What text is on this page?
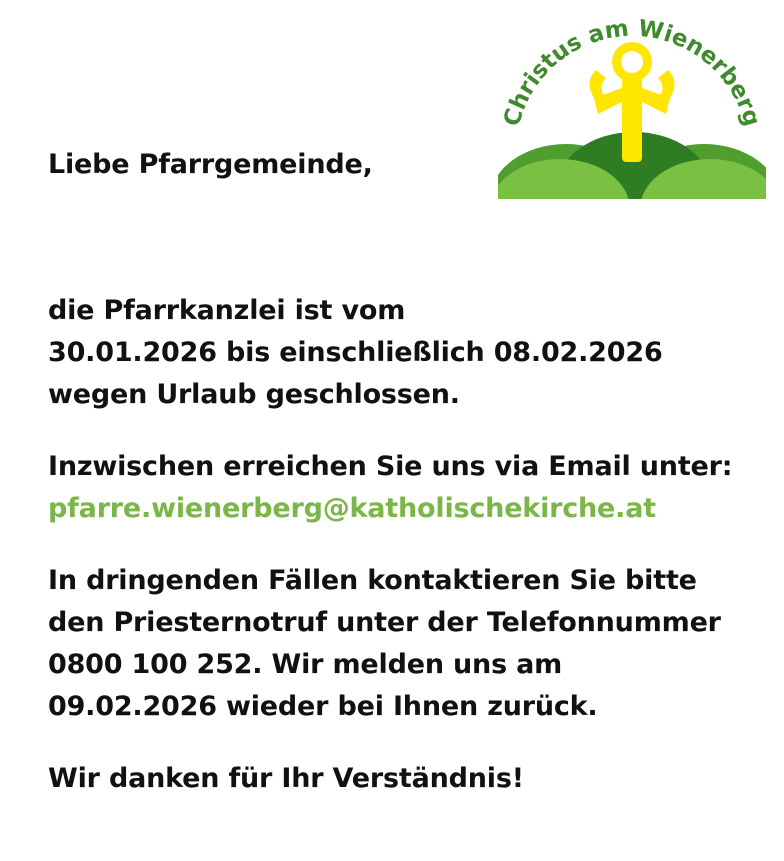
Christus am Wienerberg
Liebe Pfarrgemeinde,
die Pfarrkanzlei ist vom
30.01.2026 bis einschließlich 08.02.2026
wegen Urlaub geschlossen.
Inzwischen erreichen Sie uns via Email unter:
pfarre.wienerberg@katholischekirche.at
In dringenden Fällen kontaktieren Sie bitte
den Priesternotruf unter der Telefonnummer
0800 100 252. Wir melden uns am
09.02.2026 wieder bei Ihnen zurück.
Wir danken für Ihr Verständnis!
